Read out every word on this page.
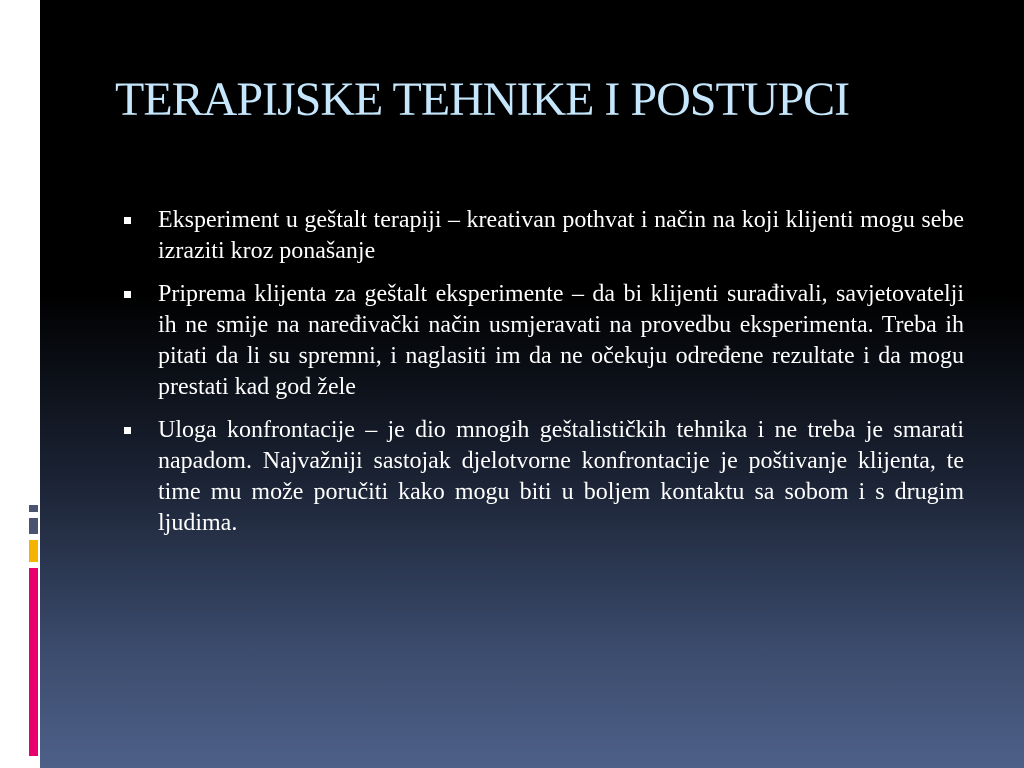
TERAPIJSKE TEHNIKE I POSTUPCI
Eksperiment u geštalt terapiji – kreativan pothvat i način na koji klijenti mogu sebe izraziti kroz ponašanje
Priprema klijenta za geštalt eksperimente – da bi klijenti surađivali, savjetovatelji ih ne smije na naređivački način usmjeravati na provedbu eksperimenta. Treba ih pitati da li su spremni, i naglasiti im da ne očekuju određene rezultate i da mogu prestati kad god žele
Uloga konfrontacije – je dio mnogih geštalističkih tehnika i ne treba je smarati napadom. Najvažniji sastojak djelotvorne konfrontacije je poštivanje klijenta, te time mu može poručiti kako mogu biti u boljem kontaktu sa sobom i s drugim ljudima.
